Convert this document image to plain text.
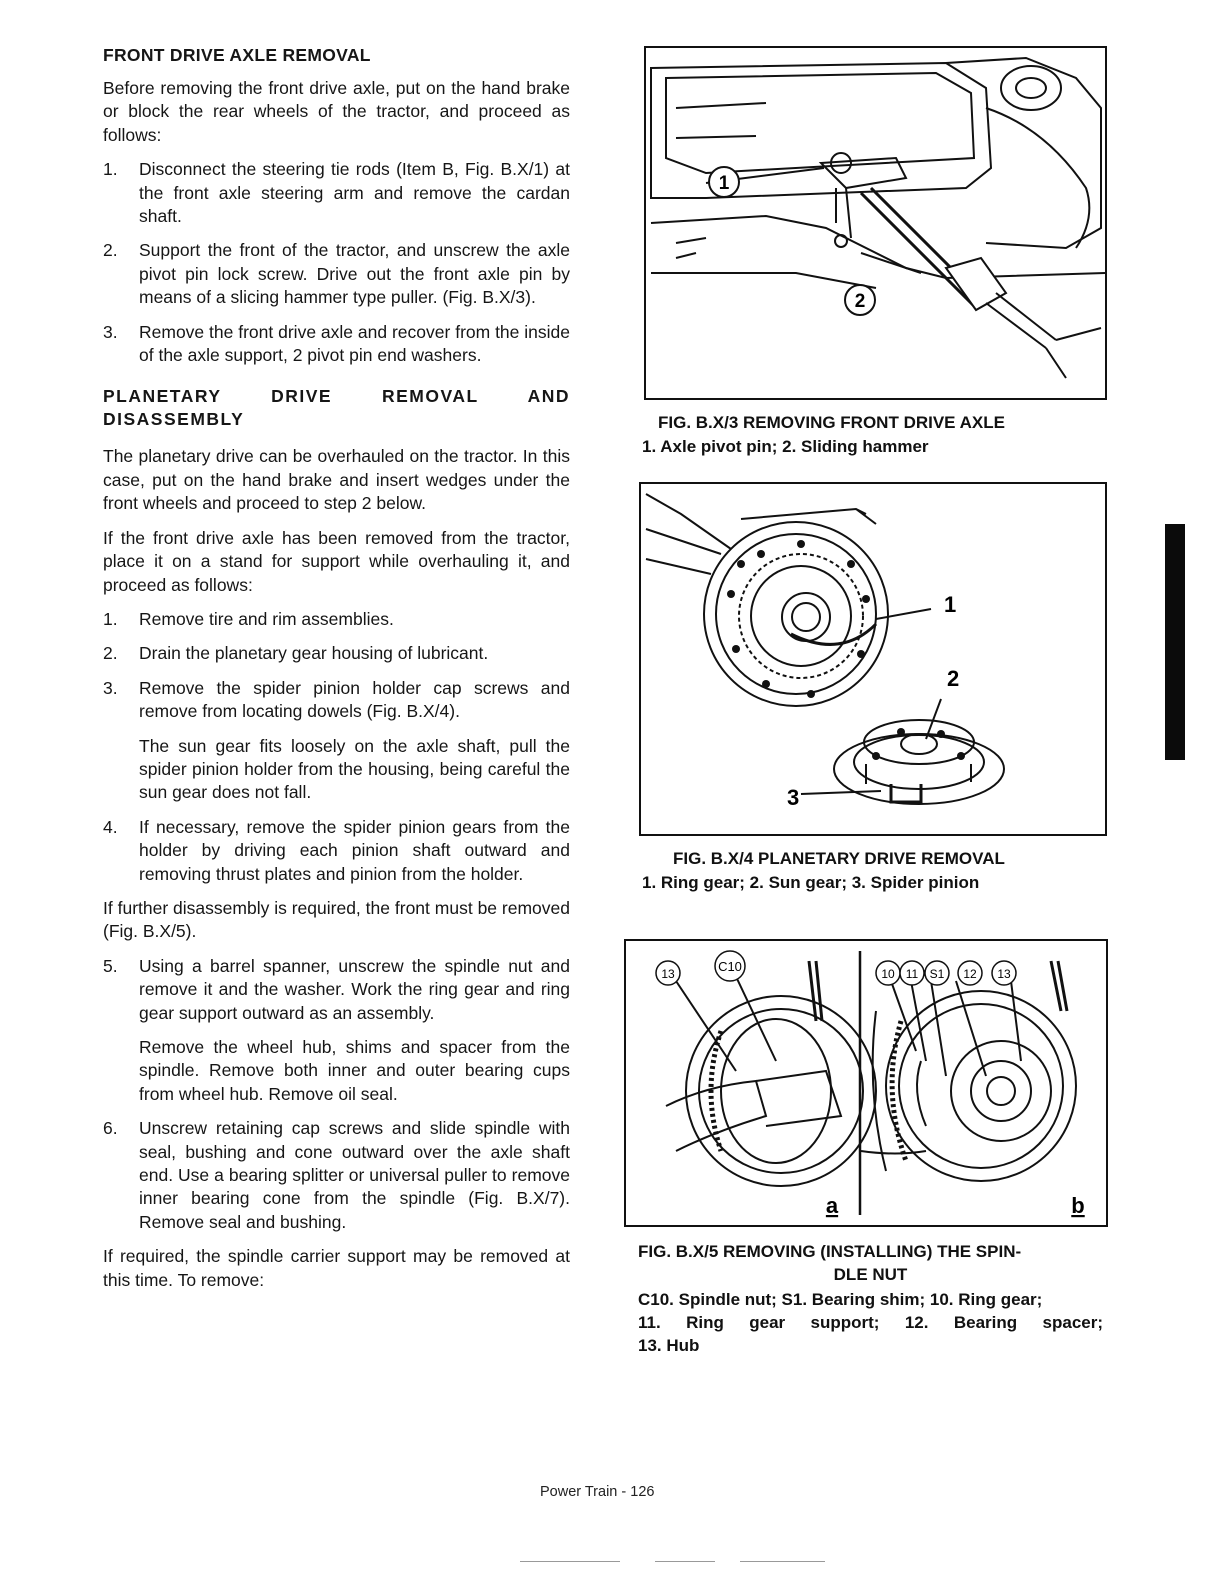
FRONT DRIVE AXLE REMOVAL

Before removing the front drive axle, put on the hand brake or block the rear wheels of the tractor, and proceed as follows:

1.	Disconnect the steering tie rods (Item B, Fig. B.X/1) at the front axle steering arm and remove the cardan shaft.
2.	Support the front of the tractor, and unscrew the axle pivot pin lock screw. Drive out the front axle pin by means of a slicing hammer type puller. (Fig. B.X/3).
3.	Remove the front drive axle and recover from the inside of the axle support, 2 pivot pin end washers.
PLANETARY DRIVE REMOVAL AND
DISASSEMBLY

The planetary drive can be overhauled on the tractor. In this case, put on the hand brake and insert wedges under the front wheels and proceed to step 2 below.

If the front drive axle has been removed from the tractor, place it on a stand for support while overhauling it, and proceed as follows:

1.	Remove tire and rim assemblies.
2.	Drain the planetary gear housing of lubricant.
3.	Remove the spider pinion holder cap screws and remove from locating dowels (Fig. B.X/4).

The sun gear fits loosely on the axle shaft, pull the spider pinion holder from the housing, being careful the sun gear does not fall.

4.	If necessary, remove the spider pinion gears from the holder by driving each pinion shaft outward and removing thrust plates and pinion from the holder.

If further disassembly is required, the front must be removed (Fig. B.X/5).

5.	Using a barrel spanner, unscrew the spindle nut and remove it and the washer. Work the ring gear and ring gear support outward as an assembly.

Remove the wheel hub, shims and spacer from the spindle. Remove both inner and outer bearing cups from wheel hub. Remove oil seal.

6.	Unscrew retaining cap screws and slide spindle with seal, bushing and cone outward over the axle shaft end. Use a bearing splitter or universal puller to remove inner bearing cone from the spindle (Fig. B.X/7). Remove seal and bushing.

If required, the spindle carrier support may be removed at this time. To remove:

1
2
FIG. B.X/3 REMOVING FRONT DRIVE AXLE
1. Axle pivot pin; 2. Sliding hammer
1
2
3
FIG. B.X/4 PLANETARY DRIVE REMOVAL
1. Ring gear; 2. Sun gear; 3. Spider pinion
13	C10	10 11 S1 12 13
a	b
FIG. B.X/5 REMOVING (INSTALLING) THE SPIN-
DLE NUT
C10. Spindle nut; S1. Bearing shim; 10. Ring gear;
11. Ring gear support; 12. Bearing spacer;
13. Hub
Power Train - 126
